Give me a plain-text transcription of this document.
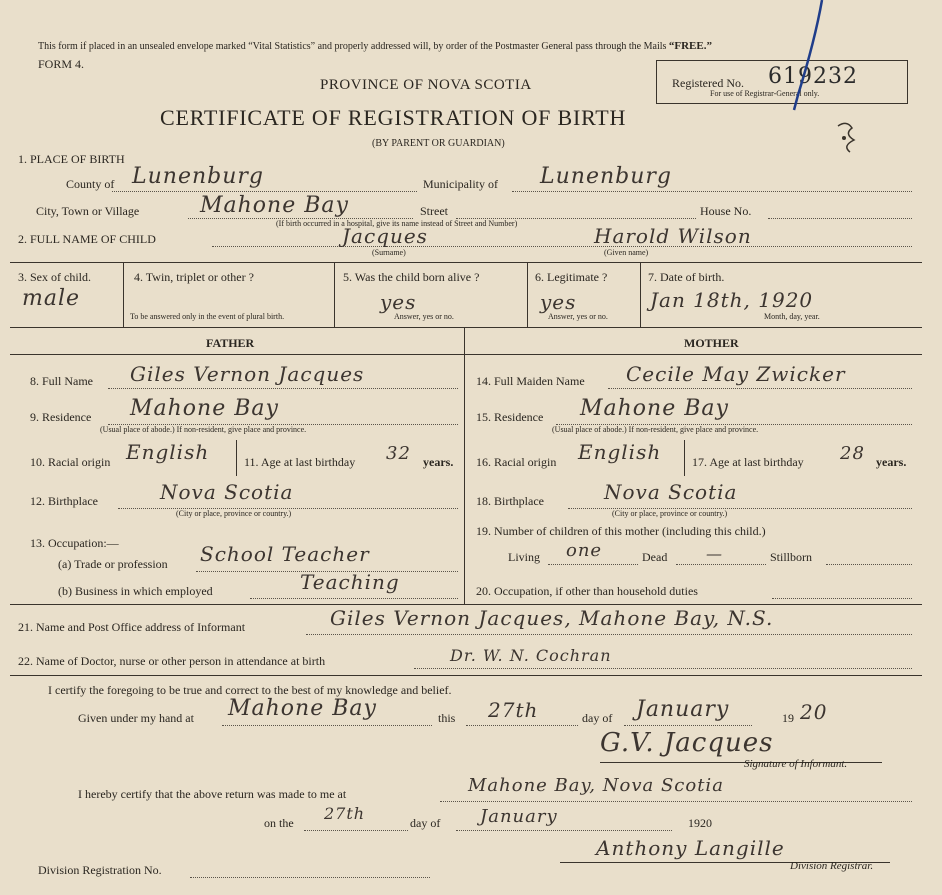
This form if placed in an unsealed envelope marked “Vital Statistics” and properly addressed will, by order of the Postmaster General pass through the Mails “FREE.”
FORM 4.
PROVINCE OF NOVA SCOTIA
CERTIFICATE OF REGISTRATION OF BIRTH
(BY PARENT OR GUARDIAN)
Registered No. 619232
For use of Registrar-General only.
1. PLACE OF BIRTH
County of Lunenburg	Municipality of Lunenburg
City, Town or Village	Mahone Bay	Street	House No.
(If birth occurred in a hospital, give its name instead of Street and Number)
2. FULL NAME OF CHILD	Jacques	Harold Wilson
(Surname)	(Given name)
3. Sex of child.
male
4. Twin, triplet or other ?
To be answered only in the event of plural birth.
5. Was the child born alive ?
yes
Answer, yes or no.
6. Legitimate ?
yes
Answer, yes or no.
7. Date of birth.
Jan 18th, 1920
Month, day, year.
FATHER	MOTHER
8. Full Name Giles Vernon Jacques
9. Residence Mahone Bay
(Usual place of abode.) If non-resident, give place and province.
10. Racial origin English	11. Age at last birthday 32 years.
12. Birthplace	Nova Scotia
(City or place, province or country.)
13. Occupation:—
(a) Trade or profession School Teacher
(b) Business in which employed	Teaching
14. Full Maiden Name Cecile May Zwicker
15. Residence Mahone Bay
(Usual place of abode.) If non-resident, give place and province.
16. Racial origin English	17. Age at last birthday 28 years.
18. Birthplace	Nova Scotia
(City or place, province or country.)
19. Number of children of this mother (including this child.)
Living one	Dead —	Stillborn
20. Occupation, if other than household duties
21. Name and Post Office address of Informant	Giles Vernon Jacques, Mahone Bay, N.S.
22. Name of Doctor, nurse or other person in attendance at birth	Dr. W. N. Cochran
I certify the foregoing to be true and correct to the best of my knowledge and belief.
Given under my hand at Mahone Bay	this 27th	day of January	19 20
G.V. Jacques
Signature of Informant.
I hereby certify that the above return was made to me at	Mahone Bay, Nova Scotia
on the 27th	day of January	1920
Division Registration No.
Anthony Langille
Division Registrar.
